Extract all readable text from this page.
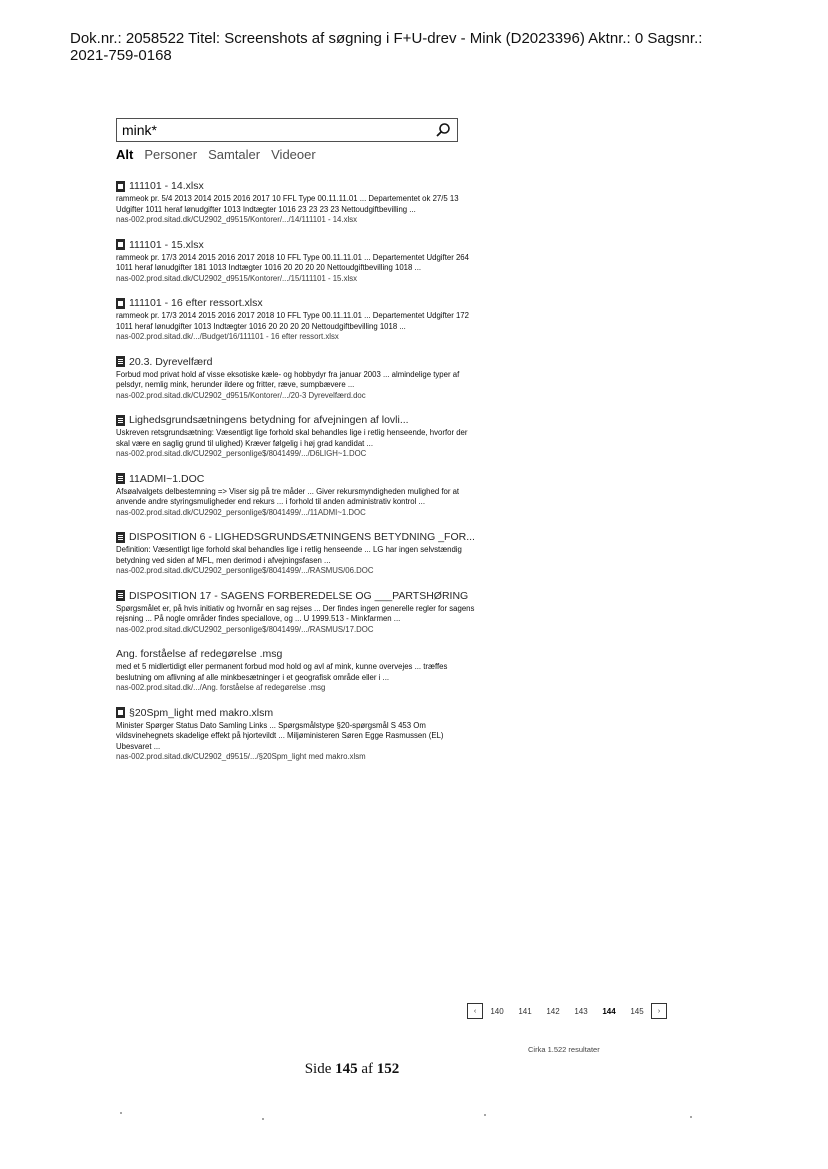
Dok.nr.: 2058522 Titel: Screenshots af søgning i F+U-drev - Mink (D2023396) Aktnr.: 0 Sagsnr.:
2021-759-0168
mink*
Alt Personer Samtaler Videoer
111101 - 14.xlsx
rammeok pr. 5/4 2013 2014 2015 2016 2017 10 FFL Type 00.11.11.01 ... Departementet ok 27/5 13 Udgifter 1011 heraf lønudgifter 1013 Indtægter 1016 23 23 23 23 Nettoudgiftbevilling ...
nas-002.prod.sitad.dk/CU2902_d9515/Kontorer/.../14/111101 - 14.xlsx
111101 - 15.xlsx
rammeok pr. 17/3 2014 2015 2016 2017 2018 10 FFL Type 00.11.11.01 ... Departementet Udgifter 264 1011 heraf lønudgifter 181 1013 Indtægter 1016 20 20 20 20 Nettoudgiftbevilling 1018 ...
nas-002.prod.sitad.dk/CU2902_d9515/Kontorer/.../15/111101 - 15.xlsx
111101 - 16 efter ressort.xlsx
rammeok pr. 17/3 2014 2015 2016 2017 2018 10 FFL Type 00.11.11.01 ... Departementet Udgifter 172 1011 heraf lønudgifter 1013 Indtægter 1016 20 20 20 20 Nettoudgiftbevilling 1018 ...
nas-002.prod.sitad.dk/.../Budget/16/111101 - 16 efter ressort.xlsx
20.3. Dyrevelfærd
Forbud mod privat hold af visse eksotiske kæle- og hobbydyr fra januar 2003 ... almindelige typer af pelsdyr, nemlig mink, herunder ildere og fritter, ræve, sumpbævere ...
nas-002.prod.sitad.dk/CU2902_d9515/Kontorer/.../20-3 Dyrevelfærd.doc
Lighedsgrundsætningens betydning for afvejningen af lovli...
Uskreven retsgrundsætning: Væsentligt lige forhold skal behandles lige i retlig henseende, hvorfor der skal være en saglig grund til ulighed) Kræver følgelig i høj grad kandidat ...
nas-002.prod.sitad.dk/CU2902_personlige$/8041499/.../D6LIGH~1.DOC
11ADMI~1.DOC
Afsøalvalgets delbestemning => Viser sig på tre måder ... Giver rekursmyndigheden mulighed for at anvende andre styringsmuligheder end rekurs ... i forhold til anden administrativ kontrol ...
nas-002.prod.sitad.dk/CU2902_personlige$/8041499/.../11ADMI~1.DOC
DISPOSITION 6 - LIGHEDSGRUNDSÆTNINGENS BETYDNING _FOR...
Definition: Væsentligt lige forhold skal behandles lige i retlig henseende ... LG har ingen selvstændig betydning ved siden af MFL, men derimod i afvejningsfasen ...
nas-002.prod.sitad.dk/CU2902_personlige$/8041499/.../RASMUS/06.DOC
DISPOSITION 17 - SAGENS FORBEREDELSE OG ___PARTSHØRING
Spørgsmålet er, på hvis initiativ og hvornår en sag rejses ... Der findes ingen generelle regler for sagens rejsning ... På nogle områder findes speciallove, og ... U 1999.513 - Minkfarmen ...
nas-002.prod.sitad.dk/CU2902_personlige$/8041499/.../RASMUS/17.DOC
Ang. forståelse af redegørelse .msg
med et 5 midlertidigt eller permanent forbud mod hold og avl af mink, kunne overvejes ... træffes beslutning om aflivning af alle minkbesætninger i et geografisk område eller i ...
nas-002.prod.sitad.dk/.../Ang. forståelse af redegørelse .msg
§20Spm_light med makro.xlsm
Minister Spørger Status Dato Samling Links ... Spørgsmålstype §20-spørgsmål S 453 Om vildsvinehegnets skadelige effekt på hjortevildt ... Miljøministeren Søren Egge Rasmussen (EL) Ubesvaret ...
nas-002.prod.sitad.dk/CU2902_d9515/.../§20Spm_light med makro.xlsm
‹	140	141	142	143	144	145	›
Cirka 1.522 resultater
Side 145 af 152
